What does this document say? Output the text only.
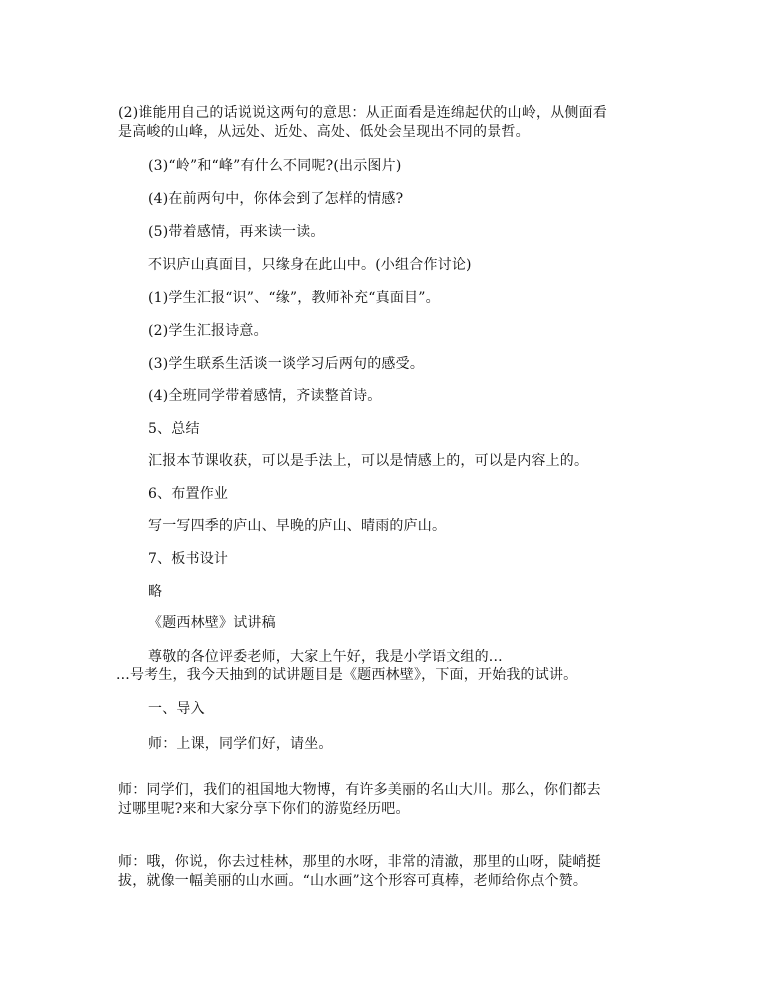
(2)谁能用自己的话说说这两句的意思：从正面看是连绵起伏的山岭，从侧面看
是高峻的山峰，从远处、近处、高处、低处会呈现出不同的景哲。
(3)“岭”和“峰”有什么不同呢?(出示图片)
(4)在前两句中，你体会到了怎样的情感?
(5)带着感情，再来读一读。
不识庐山真面目，只缘身在此山中。(小组合作讨论)
(1)学生汇报“识”、“缘”，教师补充“真面目”。
(2)学生汇报诗意。
(3)学生联系生活谈一谈学习后两句的感受。
(4)全班同学带着感情，齐读整首诗。
5、总结
汇报本节课收获，可以是手法上，可以是情感上的，可以是内容上的。
6、布置作业
写一写四季的庐山、早晚的庐山、晴雨的庐山。
7、板书设计
略
《题西林壁》试讲稿
尊敬的各位评委老师，大家上午好，我是小学语文组的...
...号考生，我今天抽到的试讲题目是《题西林壁》，下面，开始我的试讲。
一、导入
师：上课，同学们好，请坐。
师：同学们，我们的祖国地大物博，有许多美丽的名山大川。那么，你们都去
过哪里呢?来和大家分享下你们的游览经历吧。
师：哦，你说，你去过桂林，那里的水呀，非常的清澈，那里的山呀，陡峭挺
拔，就像一幅美丽的山水画。“山水画”这个形容可真棒，老师给你点个赞。
